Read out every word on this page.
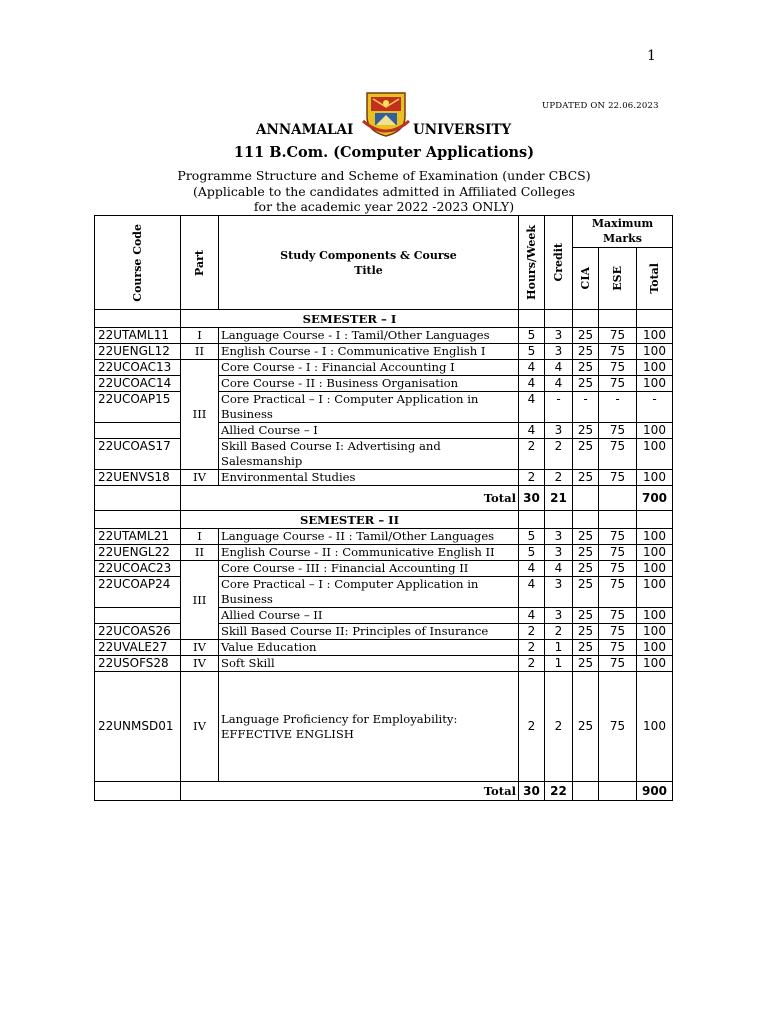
1
UPDATED ON 22.06.2023
ANNAMALAI	UNIVERSITY
111 B.Com. (Computer Applications)
Programme Structure and Scheme of Examination (under CBCS)
(Applicable to the candidates admitted in Affiliated Colleges
for the academic year 2022 -2023 ONLY)
Course Code	Part	Study Components & Course Title	Hours/Week	Credit	Maximum Marks		

					CIA	ESE	Total

	SEMESTER – I						
22UTAML11	I	Language Course - I : Tamil/Other Languages	5	3	25	75	100
22UENGL12	II	English Course - I : Communicative English I	5	3	25	75	100
22UCOAC13	III	Core Course - I : Financial Accounting I	4	4	25	75	100
22UCOAC14		Core Course - II : Business Organisation	4	4	25	75	100
22UCOAP15		Core Practical – I : Computer Application in Business	4	-	-	-	-
		Allied Course – I	4	3	25	75	100
22UCOAS17		Skill Based Course I: Advertising and Salesmanship	2	2	25	75	100
22UENVS18	IV	Environmental Studies	2	2	25	75	100
	Total		30	21			700
	SEMESTER – II						
22UTAML21	I	Language Course - II : Tamil/Other Languages	5	3	25	75	100
22UENGL22	II	English Course - II : Communicative English II	5	3	25	75	100
22UCOAC23	III	Core Course - III : Financial Accounting II	4	4	25	75	100
22UCOAP24		Core Practical – I : Computer Application in Business	4	3	25	75	100
		Allied Course – II	4	3	25	75	100
22UCOAS26		Skill Based Course II: Principles of Insurance	2	2	25	75	100
22UVALE27	IV	Value Education	2	1	25	75	100
22USOFS28	IV	Soft Skill	2	1	25	75	100
22UNMSD01	IV	Language Proficiency for Employability: EFFECTIVE ENGLISH	2	2	25	75	100
	Total		30	22			900
